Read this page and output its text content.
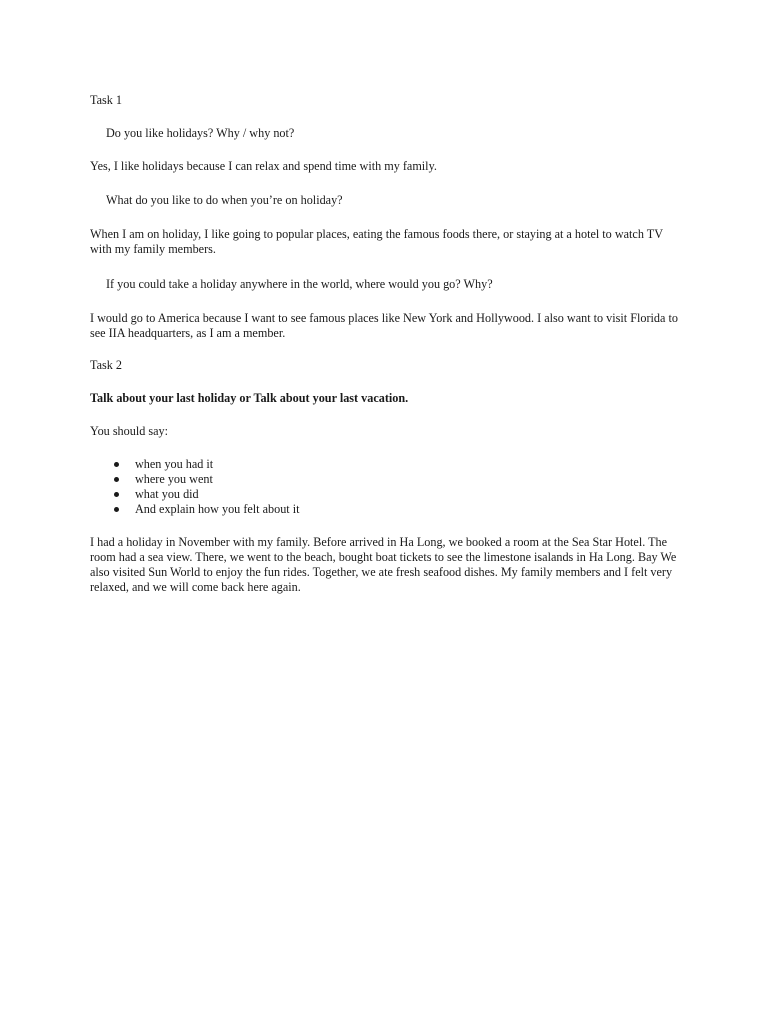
Task 1

Do you like holidays? Why / why not?

Yes, I like holidays because I can relax and spend time with my family.

What do you like to do when you’re on holiday?

When I am on holiday, I like going to popular places, eating the famous foods there, or staying at a hotel to watch TV with my family members.

If you could take a holiday anywhere in the world, where would you go? Why?

I would go to America because I want to see famous places like New York and Hollywood. I also want to visit Florida to see IIA headquarters, as I am a member.

Task 2

Talk about your last holiday or Talk about your last vacation.

You should say:

when you had it
where you went
what you did
And explain how you felt about it

I had a holiday in November with my family. Before arrived in Ha Long, we booked a room at the Sea Star Hotel. The room had a sea view. There, we went to the beach, bought boat tickets to see the limestone isalands in Ha Long. Bay We also visited Sun World to enjoy the fun rides. Together, we ate fresh seafood dishes. My family members and I felt very relaxed, and we will come back here again.
